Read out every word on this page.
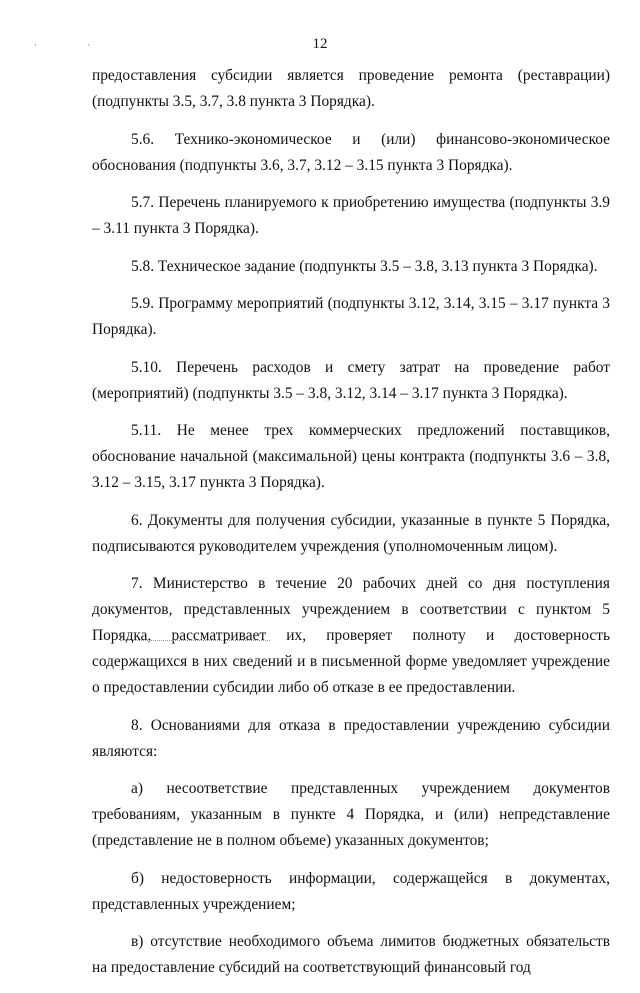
· ·	12

предоставления субсидии является проведение ремонта (реставрации) (подпункты 3.5, 3.7, 3.8 пункта 3 Порядка).

5.6. Технико-экономическое и (или) финансово-экономическое обоснования (подпункты 3.6, 3.7, 3.12 – 3.15 пункта 3 Порядка).

5.7. Перечень планируемого к приобретению имущества (подпункты 3.9 – 3.11 пункта 3 Порядка).

5.8. Техническое задание (подпункты 3.5 – 3.8, 3.13 пункта 3 Порядка).

5.9. Программу мероприятий (подпункты 3.12, 3.14, 3.15 – 3.17 пункта 3 Порядка).

5.10. Перечень расходов и смету затрат на проведение работ (мероприятий) (подпункты 3.5 – 3.8, 3.12, 3.14 – 3.17 пункта 3 Порядка).

5.11. Не менее трех коммерческих предложений поставщиков, обоснование начальной (максимальной) цены контракта (подпункты 3.6 – 3.8, 3.12 – 3.15, 3.17 пункта 3 Порядка).

6. Документы для получения субсидии, указанные в пункте 5 Порядка, подписываются руководителем учреждения (уполномоченным лицом).

7. Министерство в течение 20 рабочих дней со дня поступления документов, представленных учреждением в соответствии с пунктом 5 Порядка, рассматривает их, проверяет полноту и достоверность содержащихся в них сведений и в письменной форме уведомляет учреждение о предоставлении субсидии либо об отказе в ее предоставлении.

8. Основаниями для отказа в предоставлении учреждению субсидии являются:

а) несоответствие представленных учреждением документов требованиям, указанным в пункте 4 Порядка, и (или) непредставление (представление не в полном объеме) указанных документов;

б) недостоверность информации, содержащейся в документах, представленных учреждением;

в) отсутствие необходимого объема лимитов бюджетных обязательств на предоставление субсидий на соответствующий финансовый год
